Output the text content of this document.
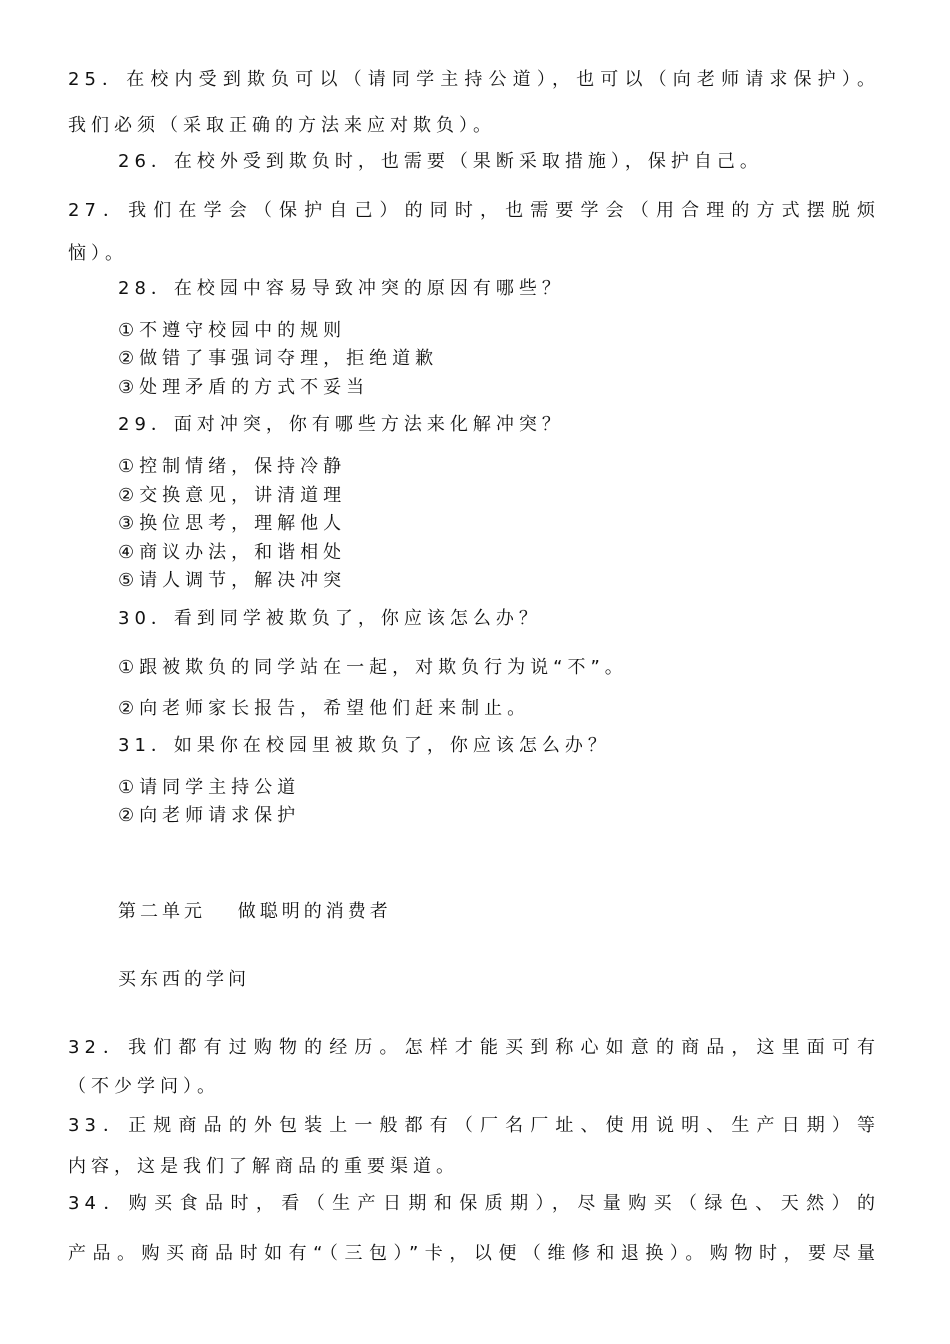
25．在校内受到欺负可以（请同学主持公道），也可以（向老师请求保护）。
我们必须（采取正确的方法来应对欺负）。
26．在校外受到欺负时，也需要（果断采取措施），保护自己。
27．我们在学会（保护自己）的同时，也需要学会（用合理的方式摆脱烦
恼）。
28．在校园中容易导致冲突的原因有哪些？
①不遵守校园中的规则
②做错了事强词夺理，拒绝道歉
③处理矛盾的方式不妥当
29．面对冲突，你有哪些方法来化解冲突？
①控制情绪，保持冷静
②交换意见，讲清道理
③换位思考，理解他人
④商议办法，和谐相处
⑤请人调节，解决冲突
30．看到同学被欺负了，你应该怎么办？
①跟被欺负的同学站在一起，对欺负行为说“不”。
②向老师家长报告，希望他们赶来制止。
31．如果你在校园里被欺负了，你应该怎么办？
①请同学主持公道
②向老师请求保护
第二单元　 做聪明的消费者
买东西的学问
32．我们都有过购物的经历。怎样才能买到称心如意的商品，这里面可有
（不少学问）。
33．正规商品的外包装上一般都有（厂名厂址、使用说明、生产日期）等
内容，这是我们了解商品的重要渠道。
34．购买食品时，看（生产日期和保质期），尽量购买（绿色、天然）的
产品。购买商品时如有“（三包）”卡，以便（维修和退换）。购物时，要尽量
